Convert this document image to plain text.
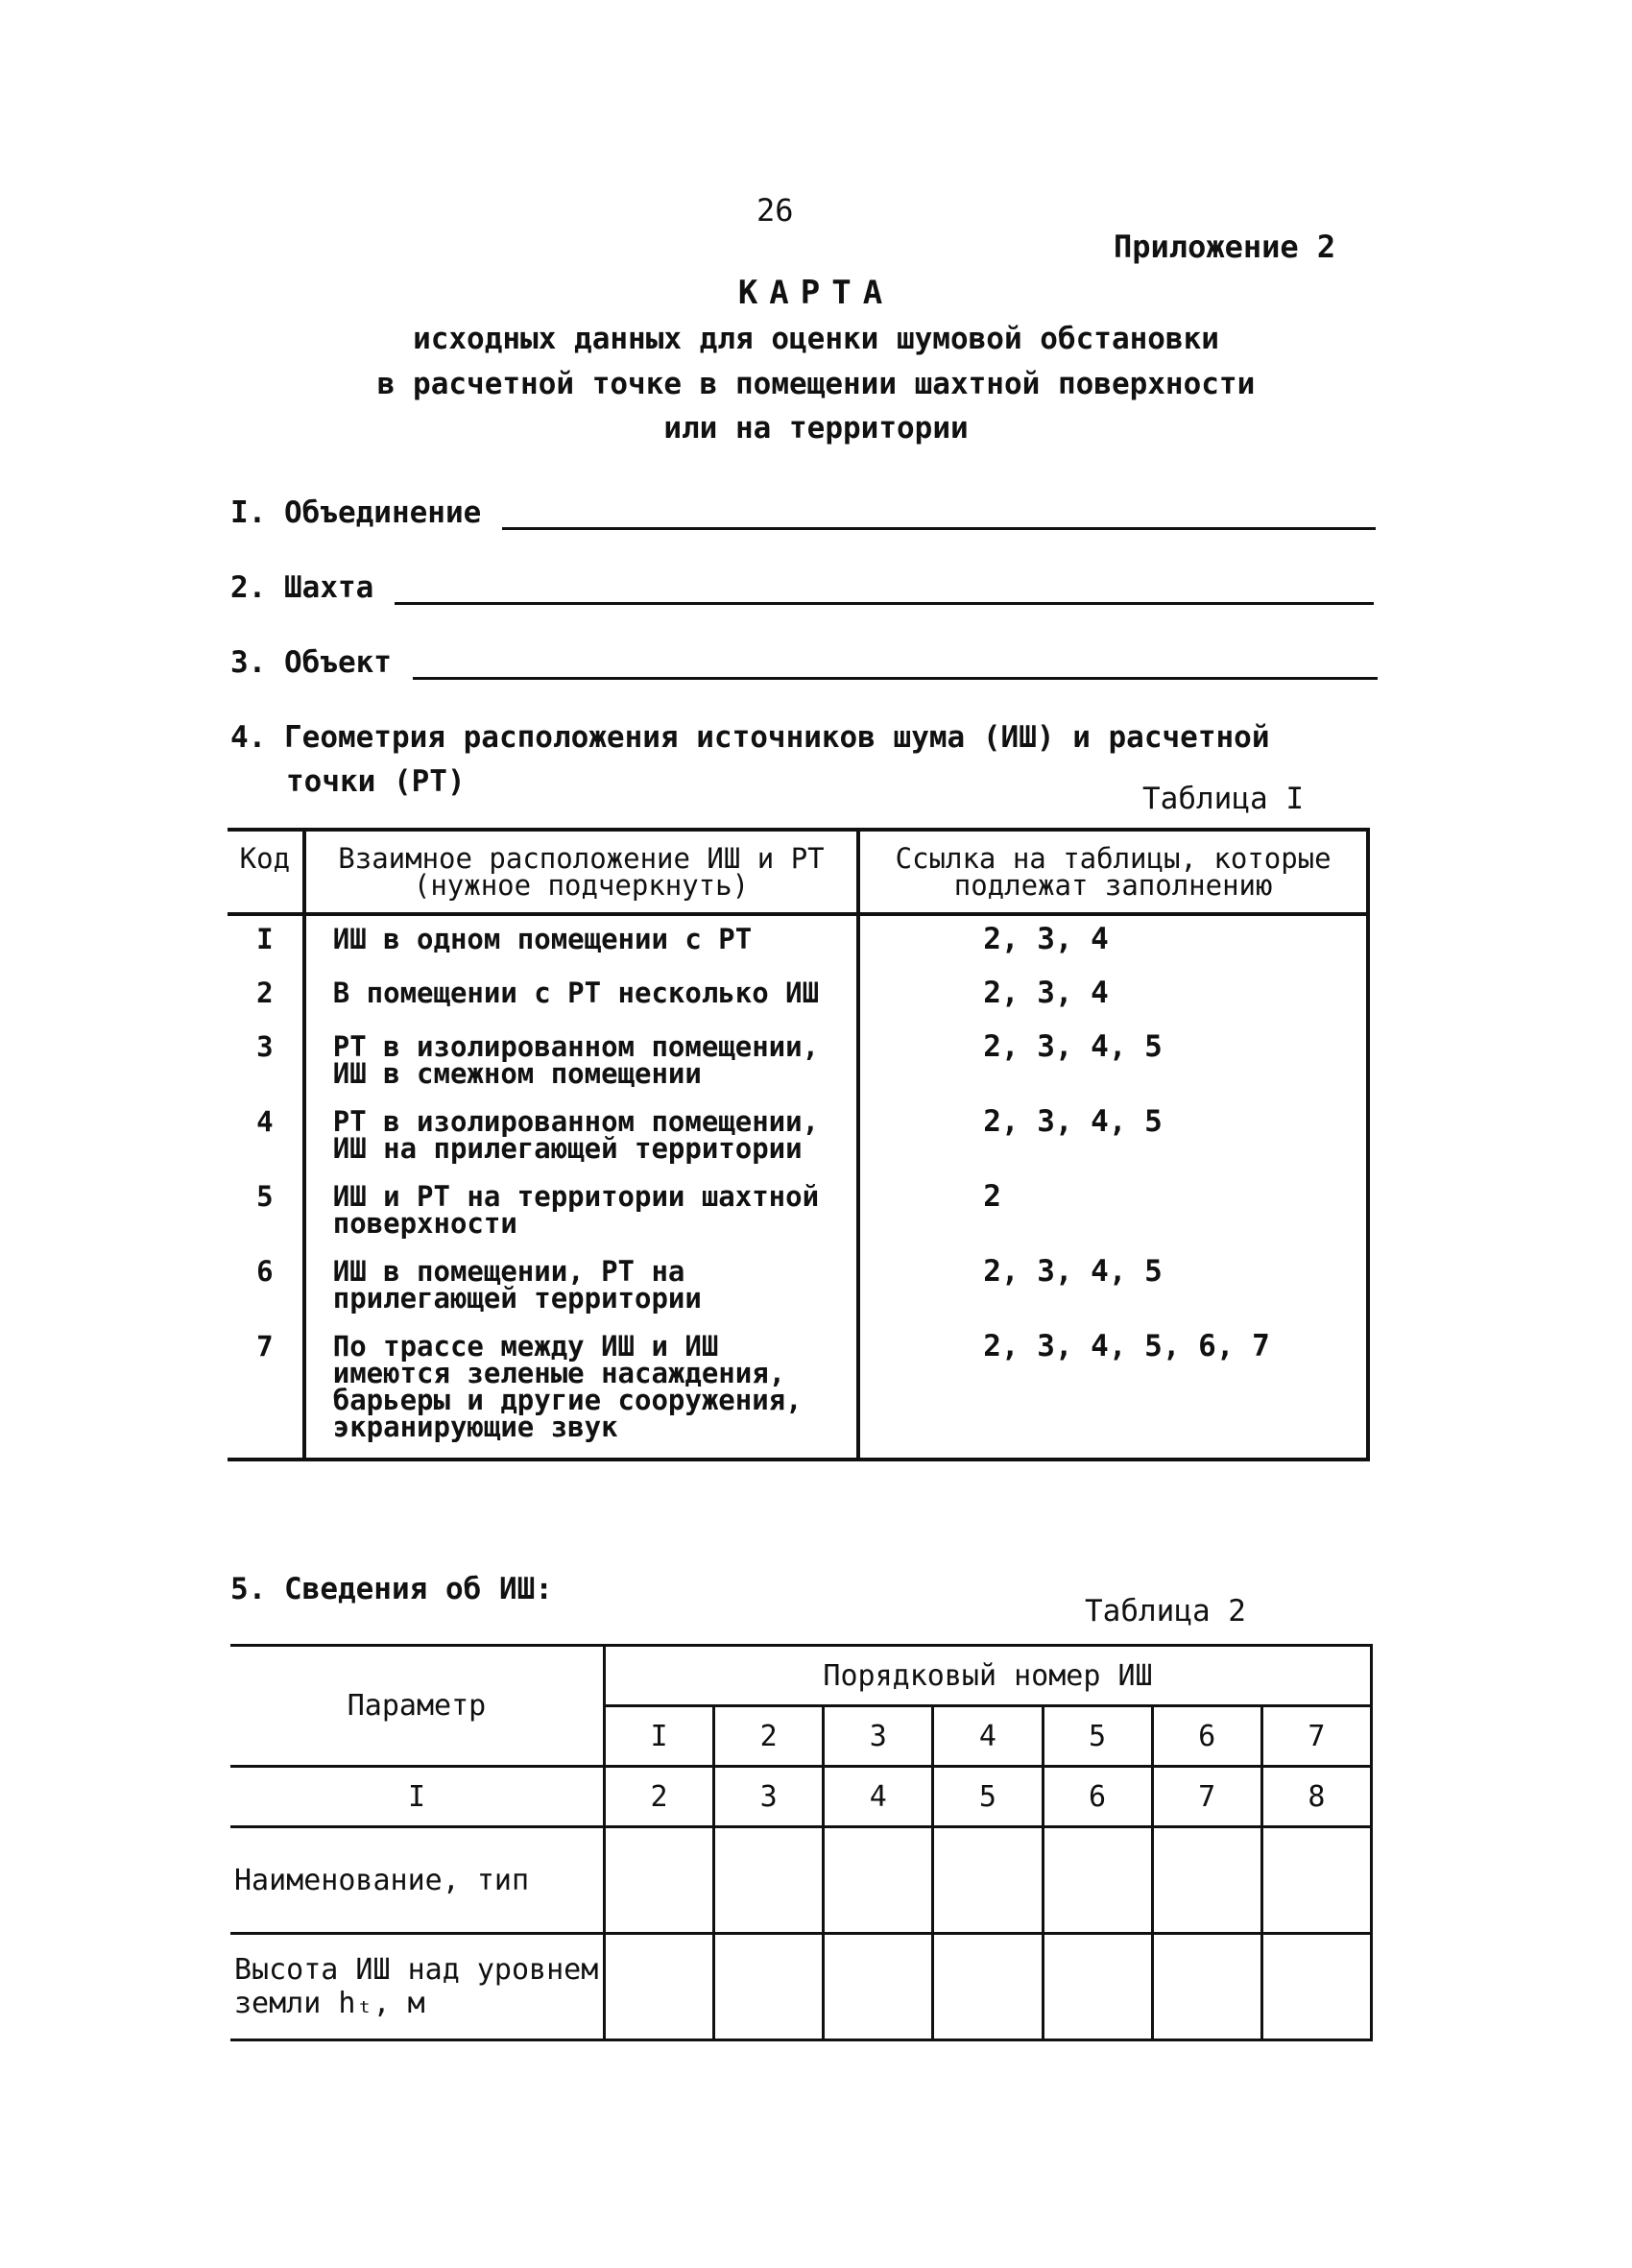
26
Приложение 2
КАРТА
исходных данных для оценки шумовой обстановки
в расчетной точке в помещении шахтной поверхности
или на территории
I. Объединение
2. Шахта
3. Объект
4. Геометрия расположения источников шума (ИШ) и расчетной
точки (РТ)	Таблица I
Код	Взаимное расположение ИШ и РТ (нужное подчеркнуть)	Ссылка на таблицы, которые подлежат заполнению
I	ИШ в одном помещении с РТ	2, 3, 4
2	В помещении с РТ несколько ИШ	2, 3, 4
3	РТ в изолированном помещении, ИШ в смежном помещении	2, 3, 4, 5
4	РТ в изолированном помещении, ИШ на прилегающей территории	2, 3, 4, 5
5	ИШ и РТ на территории шахтной поверхности	2
6	ИШ в помещении, РТ на прилегающей территории	2, 3, 4, 5
7	По трассе между ИШ и ИШ имеются зеленые насаждения, барьеры и другие сооружения, экранирующие звук	2, 3, 4, 5, 6, 7
5. Сведения об ИШ:
Таблица 2
Параметр	Порядковый номер ИШ						
	I	2	3	4	5	6	7
I	2	3	4	5	6	7	8
Наименование, тип							
Высота ИШ над уровнем земли hₜ, м							
